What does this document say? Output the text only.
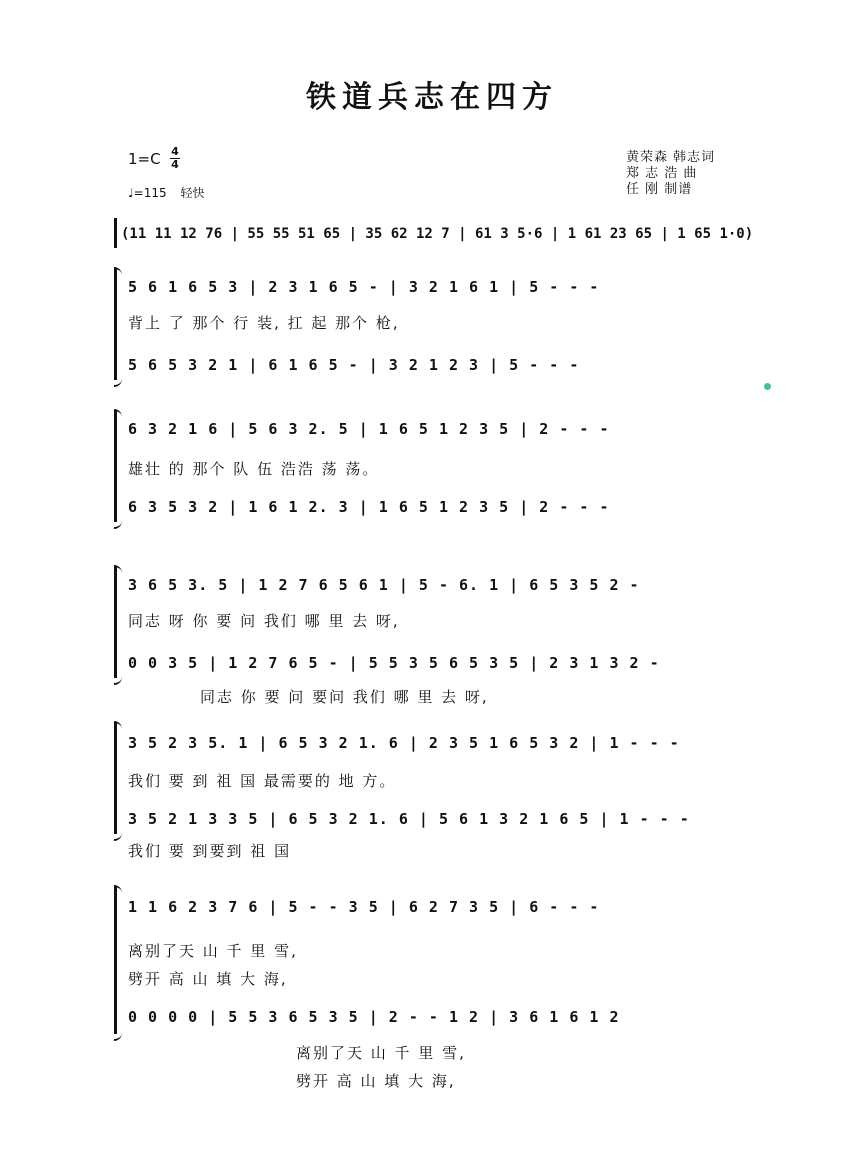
铁道兵志在四方
1=C 4
4
♩=115 轻快
黄荣森 韩志词
郑 志 浩 曲
任 刚 制谱
(11 11 12 76 | 55 55 51 65 | 35 62 12 7 | 61 3 5·6 | 1 61 23 65 | 1 65 1·0)
5 6 1 6 5 3 | 2 3 1 6 5 - | 3 2 1 6 1 | 5 - - -
背上 了 那个 行 装, 扛 起 那个 枪,
5 6 5 3 2 1 | 6 1 6 5 - | 3 2 1 2 3 | 5 - - -
6 3 2 1 6 | 5 6 3 2. 5 | 1 6 5 1 2 3 5 | 2 - - -
雄壮 的 那个 队 伍 浩浩 荡 荡。
6 3 5 3 2 | 1 6 1 2. 3 | 1 6 5 1 2 3 5 | 2 - - -
3 6 5 3. 5 | 1 2 7 6 5 6 1 | 5 - 6. 1 | 6 5 3 5 2 -
同志 呀 你 要 问 我们 哪 里 去 呀,
0 0 3 5 | 1 2 7 6 5 - | 5 5 3 5 6 5 3 5 | 2 3 1 3 2 -
同志 你 要 问 要问 我们 哪 里 去 呀,
3 5 2 3 5. 1 | 6 5 3 2 1. 6 | 2 3 5 1 6 5 3 2 | 1 - - -
我们 要 到 祖 国 最需要的 地 方。
3 5 2 1 3 3 5 | 6 5 3 2 1. 6 | 5 6 1 3 2 1 6 5 | 1 - - -
我们 要 到要到 祖 国
1 1 6 2 3 7 6 | 5 - - 3 5 | 6 2 7 3 5 | 6 - - -
离别了天 山 千 里 雪,
劈开 高 山 填 大 海,
0 0 0 0 | 5 5 3 6 5 3 5 | 2 - - 1 2 | 3 6 1 6 1 2
离别了天 山 千 里 雪,
劈开 高 山 填 大 海,
